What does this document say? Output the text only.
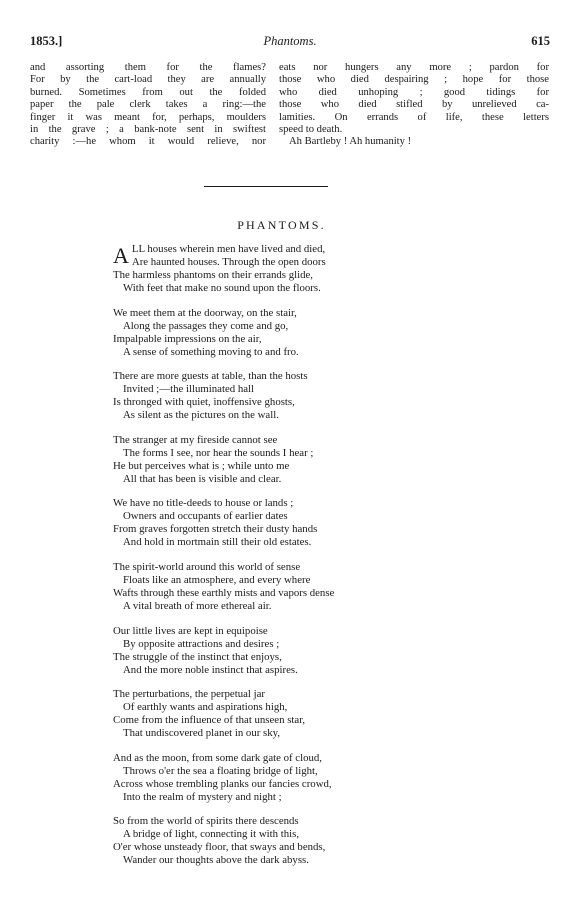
1853.]	Phantoms.	615
and assorting them for the flames?
For by the cart-load they are annually
burned. Sometimes from out the folded
paper the pale clerk takes a ring:—the
finger it was meant for, perhaps, moulders
in the grave ; a bank-note sent in swiftest
charity :—he whom it would relieve, nor
eats nor hungers any more ; pardon for
those who died despairing ; hope for those
who died unhoping ; good tidings for
those who died stifled by unrelieved ca-
lamities. On errands of life, these letters
speed to death.
Ah Bartleby ! Ah humanity !
PHANTOMS.
A LL houses wherein men have lived and died,
Are haunted houses. Through the open doors
The harmless phantoms on their errands glide,
With feet that make no sound upon the floors.
We meet them at the doorway, on the stair,
Along the passages they come and go,
Impalpable impressions on the air,
A sense of something moving to and fro.
There are more guests at table, than the hosts
Invited ;—the illuminated hall
Is thronged with quiet, inoffensive ghosts,
As silent as the pictures on the wall.
The stranger at my fireside cannot see
The forms I see, nor hear the sounds I hear ;
He but perceives what is ; while unto me
All that has been is visible and clear.
We have no title-deeds to house or lands ;
Owners and occupants of earlier dates
From graves forgotten stretch their dusty hands
And hold in mortmain still their old estates.
The spirit-world around this world of sense
Floats like an atmosphere, and every where
Wafts through these earthly mists and vapors dense
A vital breath of more ethereal air.
Our little lives are kept in equipoise
By opposite attractions and desires ;
The struggle of the instinct that enjoys,
And the more noble instinct that aspires.
The perturbations, the perpetual jar
Of earthly wants and aspirations high,
Come from the influence of that unseen star,
That undiscovered planet in our sky,
And as the moon, from some dark gate of cloud,
Throws o'er the sea a floating bridge of light,
Across whose trembling planks our fancies crowd,
Into the realm of mystery and night ;
So from the world of spirits there descends
A bridge of light, connecting it with this,
O'er whose unsteady floor, that sways and bends,
Wander our thoughts above the dark abyss.
